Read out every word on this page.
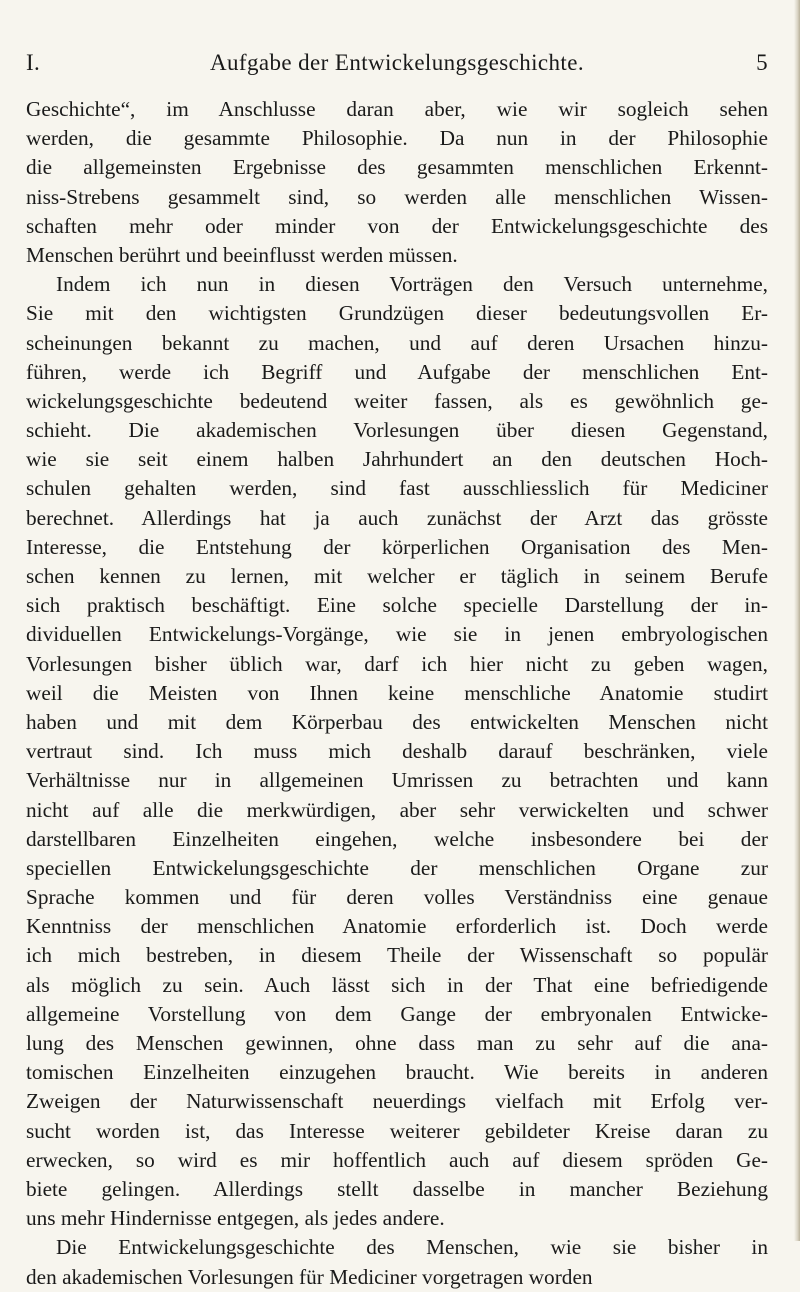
I.	Aufgabe der Entwickelungsgeschichte.	5
Geschichte“, im Anschlusse daran aber, wie wir sogleich sehen
werden, die gesammte Philosophie. Da nun in der Philosophie
die allgemeinsten Ergebnisse des gesammten menschlichen Erkennt-
niss-Strebens gesammelt sind, so werden alle menschlichen Wissen-
schaften mehr oder minder von der Entwickelungsgeschichte des
Menschen berührt und beeinflusst werden müssen.
Indem ich nun in diesen Vorträgen den Versuch unternehme,
Sie mit den wichtigsten Grundzügen dieser bedeutungsvollen Er-
scheinungen bekannt zu machen, und auf deren Ursachen hinzu-
führen, werde ich Begriff und Aufgabe der menschlichen Ent-
wickelungsgeschichte bedeutend weiter fassen, als es gewöhnlich ge-
schieht. Die akademischen Vorlesungen über diesen Gegenstand,
wie sie seit einem halben Jahrhundert an den deutschen Hoch-
schulen gehalten werden, sind fast ausschliesslich für Mediciner
berechnet. Allerdings hat ja auch zunächst der Arzt das grösste
Interesse, die Entstehung der körperlichen Organisation des Men-
schen kennen zu lernen, mit welcher er täglich in seinem Berufe
sich praktisch beschäftigt. Eine solche specielle Darstellung der in-
dividuellen Entwickelungs-Vorgänge, wie sie in jenen embryologischen
Vorlesungen bisher üblich war, darf ich hier nicht zu geben wagen,
weil die Meisten von Ihnen keine menschliche Anatomie studirt
haben und mit dem Körperbau des entwickelten Menschen nicht
vertraut sind. Ich muss mich deshalb darauf beschränken, viele
Verhältnisse nur in allgemeinen Umrissen zu betrachten und kann
nicht auf alle die merkwürdigen, aber sehr verwickelten und schwer
darstellbaren Einzelheiten eingehen, welche insbesondere bei der
speciellen Entwickelungsgeschichte der menschlichen Organe zur
Sprache kommen und für deren volles Verständniss eine genaue
Kenntniss der menschlichen Anatomie erforderlich ist. Doch werde
ich mich bestreben, in diesem Theile der Wissenschaft so populär
als möglich zu sein. Auch lässt sich in der That eine befriedigende
allgemeine Vorstellung von dem Gange der embryonalen Entwicke-
lung des Menschen gewinnen, ohne dass man zu sehr auf die ana-
tomischen Einzelheiten einzugehen braucht. Wie bereits in anderen
Zweigen der Naturwissenschaft neuerdings vielfach mit Erfolg ver-
sucht worden ist, das Interesse weiterer gebildeter Kreise daran zu
erwecken, so wird es mir hoffentlich auch auf diesem spröden Ge-
biete gelingen. Allerdings stellt dasselbe in mancher Beziehung
uns mehr Hindernisse entgegen, als jedes andere.
Die Entwickelungsgeschichte des Menschen, wie sie bisher in
den akademischen Vorlesungen für Mediciner vorgetragen worden
